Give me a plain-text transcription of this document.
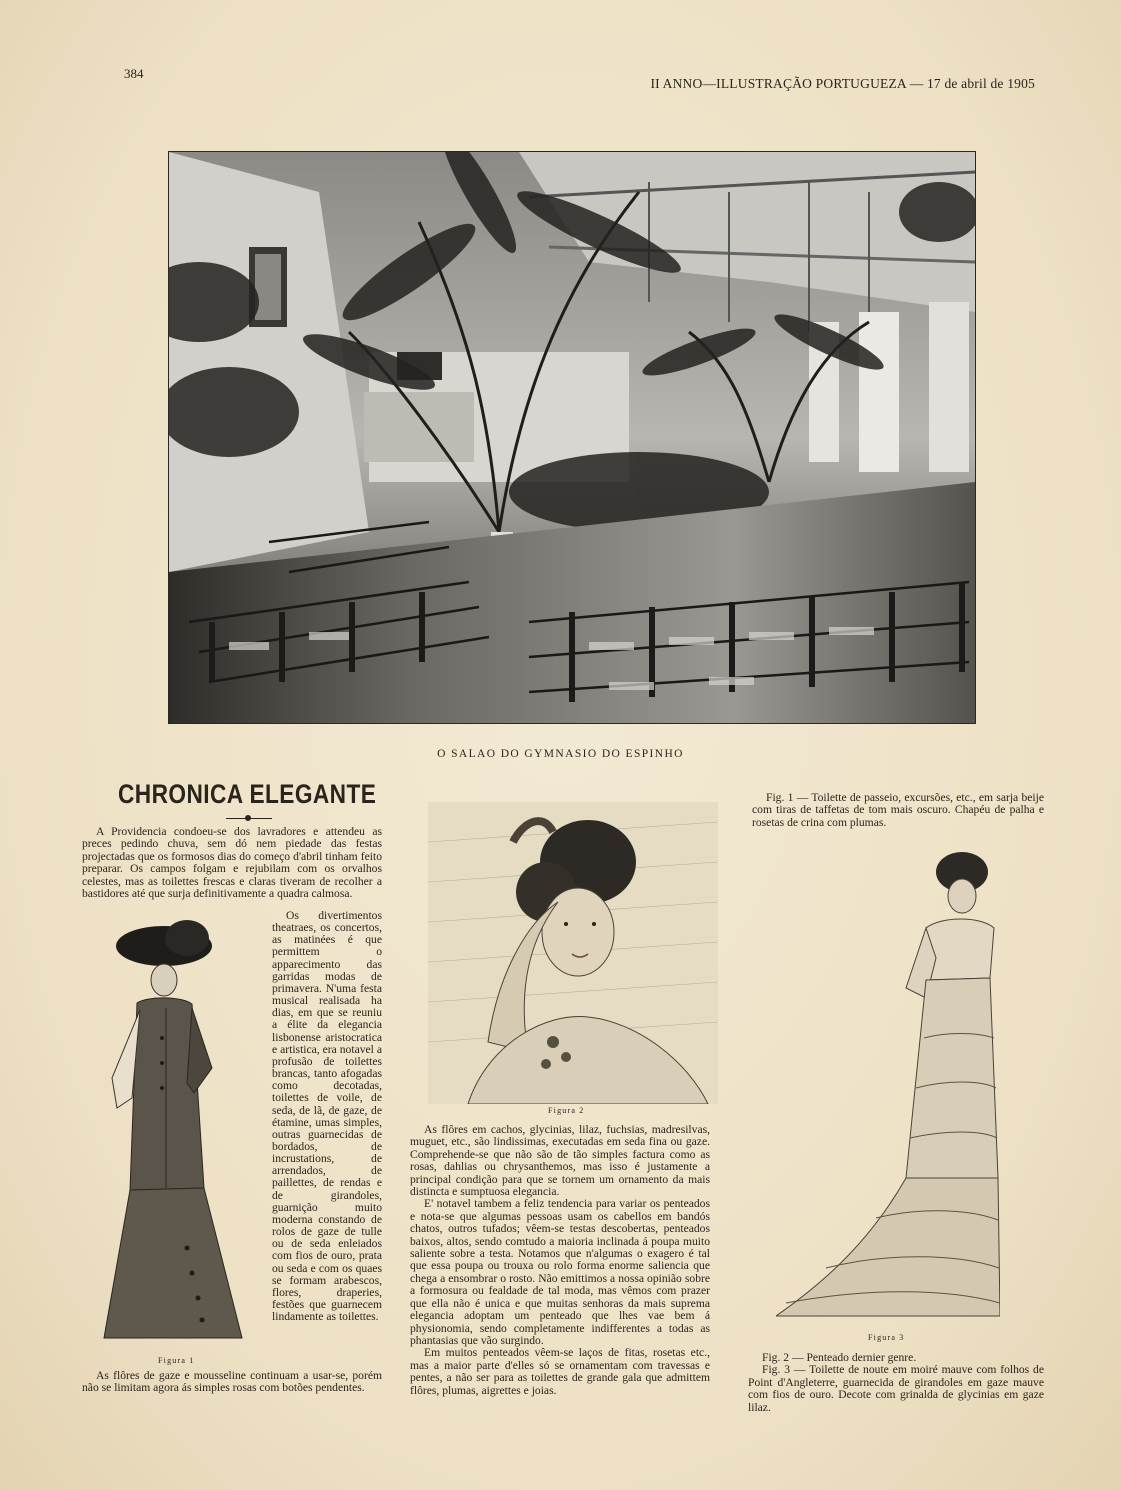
384
II ANNO—ILLUSTRAÇÃO PORTUGUEZA — 17 de abril de 1905
O SALAO DO GYMNASIO DO ESPINHO
CHRONICA ELEGANTE

A Providencia condoeu-se dos lavradores e attendeu as preces pedindo chuva, sem dó nem piedade das festas projectadas que os formosos dias do começo d'abril tinham feito preparar. Os campos folgam e rejubilam com os orvalhos celestes, mas as toilettes frescas e claras tiveram de recolher a bastidores até que surja definitivamente a quadra calmosa.

Figura 1

Os divertimentos theatraes, os concertos, as matinées é que permittem o apparecimento das garridas modas de primavera. N'uma festa musical realisada ha dias, em que se reuniu a élite da elegancia lisbonense aristocratica e artistica, era notavel a profusão de toilettes brancas, tanto afogadas como decotadas, toilettes de voile, de seda, de lã, de gaze, de étamine, umas simples, outras guarnecidas de bordados, de incrustations, de arrendados, de paillettes, de rendas e de girandoles, guarnição muito moderna constando de rolos de gaze de tulle ou de seda enleiados com fios de ouro, prata ou seda e com os quaes se formam arabescos, flores, draperies, festões que guarnecem lindamente as toilettes.

As flôres de gaze e mousseline continuam a usar-se, porém não se limitam agora ás simples rosas com botões pendentes.

Figura 2

As flôres em cachos, glycinias, lilaz, fuchsias, madresilvas, muguet, etc., são lindissimas, executadas em seda fina ou gaze. Comprehende-se que não são de tão simples factura como as rosas, dahlias ou chrysanthemos, mas isso é justamente a principal condição para que se tornem um ornamento da mais distincta e sumptuosa elegancia.

E' notavel tambem a feliz tendencia para variar os penteados e nota-se que algumas pessoas usam os cabellos em bandós chatos, outros tufados; vêem-se testas descobertas, penteados baixos, altos, sendo comtudo a maioria inclinada á poupa muito saliente sobre a testa. Notamos que n'algumas o exagero é tal que essa poupa ou trouxa ou rolo forma enorme saliencia que chega a ensombrar o rosto. Não emittimos a nossa opinião sobre a formosura ou fealdade de tal moda, mas vêmos com prazer que ella não é unica e que muitas senhoras da mais suprema elegancia adoptam um penteado que lhes vae bem á physionomia, sendo completamente indifferentes a todas as phantasias que vão surgindo.

Em muitos penteados vêem-se laços de fitas, rosetas etc., mas a maior parte d'elles só se ornamentam com travessas e pentes, a não ser para as toilettes de grande gala que admittem flôres, plumas, aigrettes e joias.

Fig. 1 — Toilette de passeio, excursões, etc., em sarja beije com tiras de taffetas de tom mais oscuro. Chapéu de palha e rosetas de crina com plumas.

Figura 3

Fig. 2 — Penteado dernier genre.

Fig. 3 — Toilette de noute em moiré mauve com folhos de Point d'Angleterre, guarnecida de girandoles em gaze mauve com fios de ouro. Decote com grinalda de glycinias em gaze lilaz.
